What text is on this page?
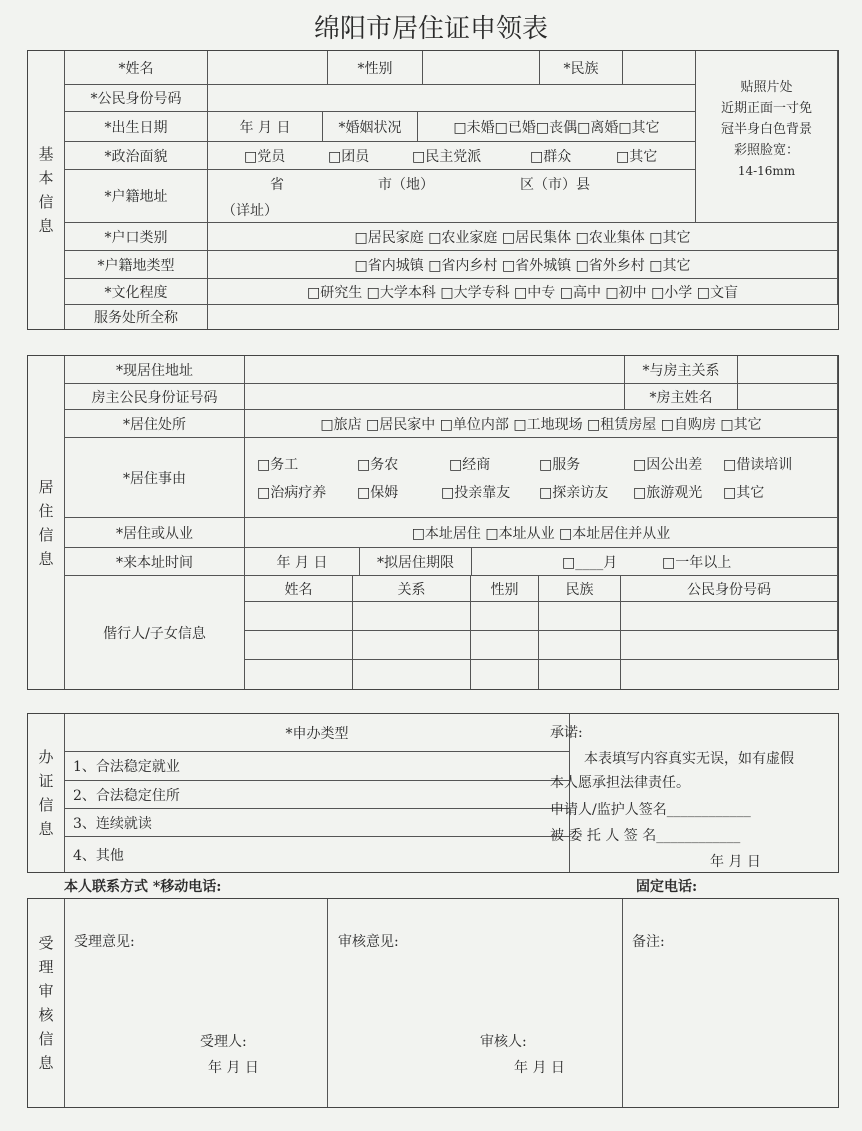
绵阳市居住证申领表
基本信息
*姓名	*性别	*民族
*公民身份号码
*出生日期	年 月 日	*婚姻状况	□未婚□已婚□丧偶□离婚□其它
*政治面貌	□党员	□团员	□民主党派	□群众	□其它
*户籍地址
省	市（地）	区（市）县
（详址）
*户口类别	□居民家庭 □农业家庭 □居民集体 □农业集体 □其它
*户籍地类型	□省内城镇 □省内乡村 □省外城镇 □省外乡村 □其它
*文化程度	□研究生 □大学本科 □大学专科 □中专 □高中 □初中 □小学 □文盲
服务处所全称
贴照片处
近期正面一寸免
冠半身白色背景
彩照脸宽：
14-16mm
居住信息
*现居住地址	*与房主关系
房主公民身份证号码	*房主姓名
*居住处所	□旅店 □居民家中 □单位内部 □工地现场 □租赁房屋 □自购房 □其它
*居住事由
□务工	□务农	□经商	□服务	□因公出差 □借读培训
□治病疗养 □保姆	□投亲靠友 □探亲访友 □旅游观光 □其它
*居住或从业	□本址居住 □本址从业 □本址居住并从业
*来本址时间	年 月 日	*拟居住期限	□____月	□一年以上
偕行人/子女信息
姓名	关系	性别	民族	公民身份号码
办证信息
*申办类型
1、合法稳定就业
2、合法稳定住所
3、连续就读
4、其他
承诺:
本表填写内容真实无误，如有虚假
本人愿承担法律责任。
申请人/监护人签名____________
被 委 托 人 签 名____________
年 月 日
本人联系方式 *移动电话:	固定电话:
受理审核信息
受理意见:	审核意见:	备注:
受理人:
年 月 日
审核人:
年 月 日
